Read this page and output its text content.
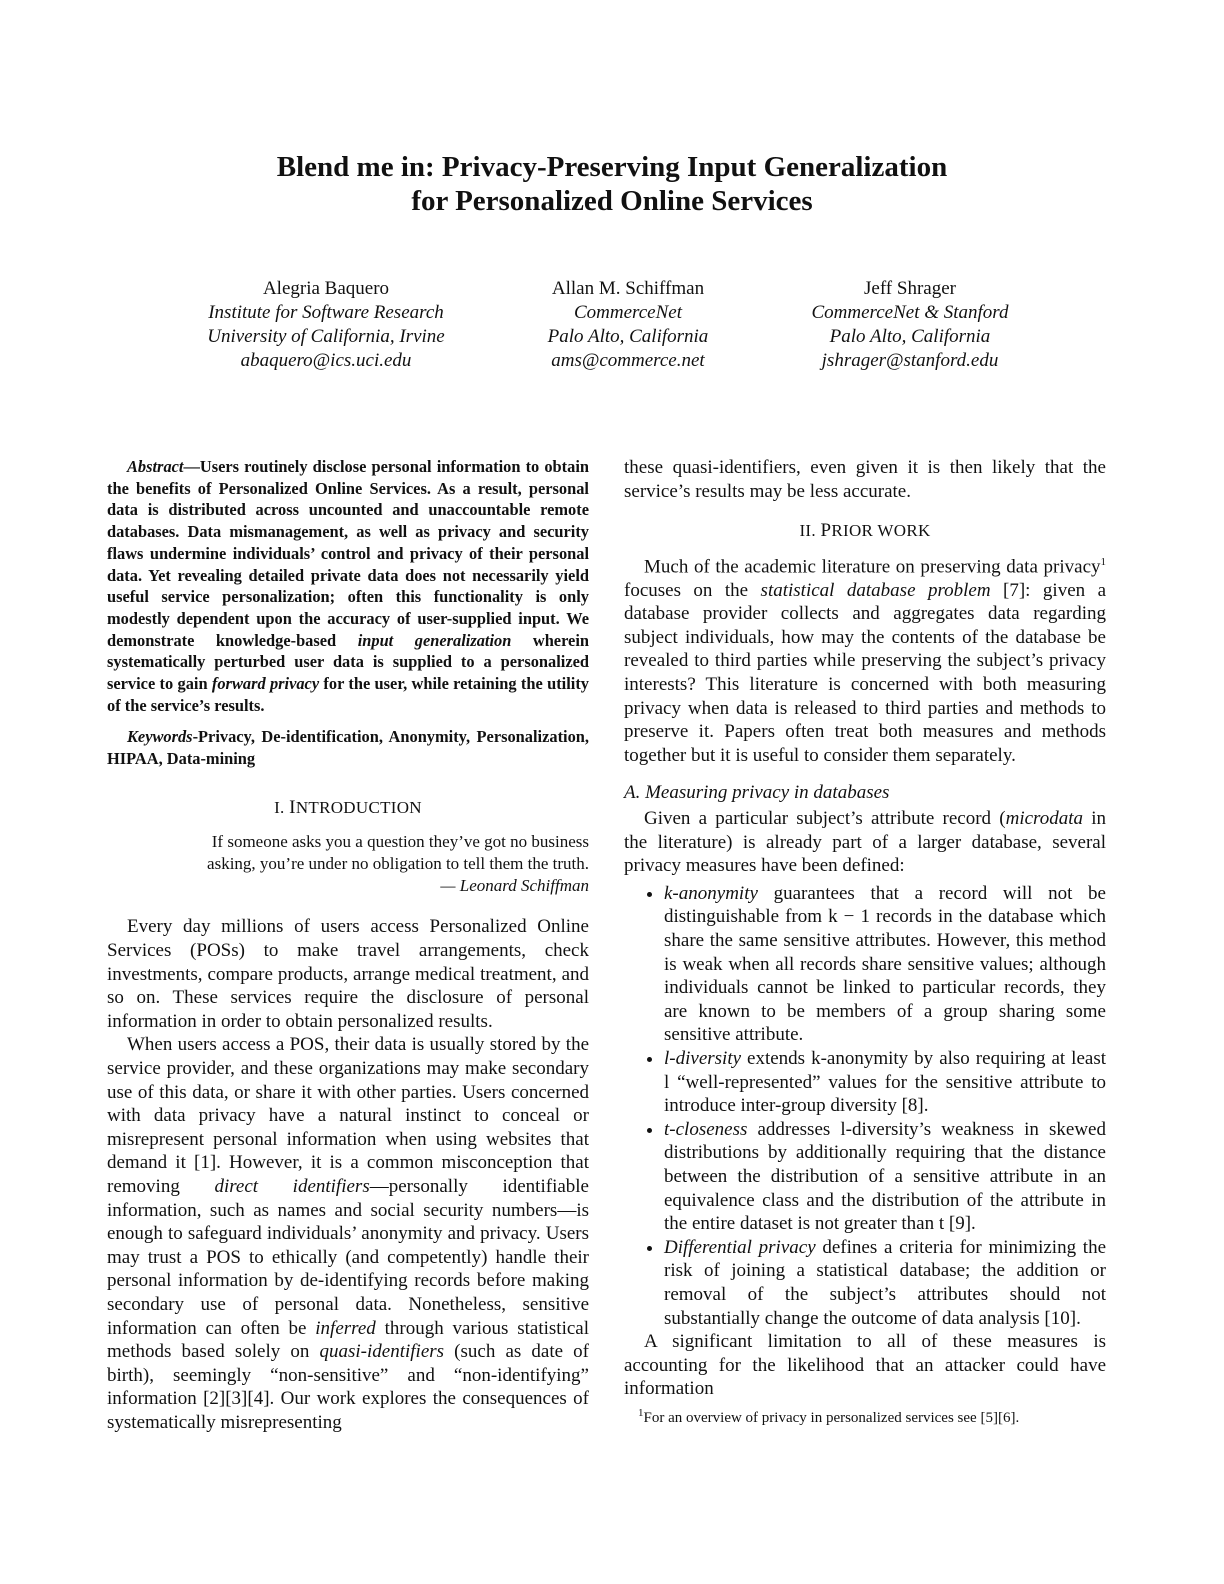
Blend me in: Privacy-Preserving Input Generalization
for Personalized Online Services
Alegria Baquero
Institute for Software Research
University of California, Irvine
abaquero@ics.uci.edu
Allan M. Schiffman
CommerceNet
Palo Alto, California
ams@commerce.net
Jeff Shrager
CommerceNet & Stanford
Palo Alto, California
jshrager@stanford.edu

Abstract—Users routinely disclose personal information to obtain the benefits of Personalized Online Services. As a result, personal data is distributed across uncounted and unaccountable remote databases. Data mismanagement, as well as privacy and security flaws undermine individuals’ control and privacy of their personal data. Yet revealing detailed private data does not necessarily yield useful service personalization; often this functionality is only modestly dependent upon the accuracy of user-supplied input. We demonstrate knowledge-based input generalization wherein systematically perturbed user data is supplied to a personalized service to gain forward privacy for the user, while retaining the utility of the service’s results.

Keywords-Privacy, De-identification, Anonymity, Personalization, HIPAA, Data-mining

I. INTRODUCTION
If someone asks you a question they’ve got no business
asking, you’re under no obligation to tell them the truth.
— Leonard Schiffman

Every day millions of users access Personalized Online Services (POSs) to make travel arrangements, check investments, compare products, arrange medical treatment, and so on. These services require the disclosure of personal information in order to obtain personalized results.

When users access a POS, their data is usually stored by the service provider, and these organizations may make secondary use of this data, or share it with other parties. Users concerned with data privacy have a natural instinct to conceal or misrepresent personal information when using websites that demand it [1]. However, it is a common misconception that removing direct identifiers—personally identifiable information, such as names and social security numbers—is enough to safeguard individuals’ anonymity and privacy. Users may trust a POS to ethically (and competently) handle their personal information by de-identifying records before making secondary use of personal data. Nonetheless, sensitive information can often be inferred through various statistical methods based solely on quasi-identifiers (such as date of birth), seemingly “non-sensitive” and “non-identifying” information [2][3][4]. Our work explores the consequences of systematically misrepresenting

these quasi-identifiers, even given it is then likely that the service’s results may be less accurate.

II. PRIOR WORK

Much of the academic literature on preserving data privacy$^1$ focuses on the statistical database problem [7]: given a database provider collects and aggregates data regarding subject individuals, how may the contents of the database be revealed to third parties while preserving the subject’s privacy interests? This literature is concerned with both measuring privacy when data is released to third parties and methods to preserve it. Papers often treat both measures and methods together but it is useful to consider them separately.

A. Measuring privacy in databases

Given a particular subject’s attribute record (microdata in the literature) is already part of a larger database, several privacy measures have been defined:

• k-anonymity guarantees that a record will not be distinguishable from k − 1 records in the database which share the same sensitive attributes. However, this method is weak when all records share sensitive values; although individuals cannot be linked to particular records, they are known to be members of a group sharing some sensitive attribute.
• l-diversity extends k-anonymity by also requiring at least l “well-represented” values for the sensitive attribute to introduce inter-group diversity [8].
• t-closeness addresses l-diversity’s weakness in skewed distributions by additionally requiring that the distance between the distribution of a sensitive attribute in an equivalence class and the distribution of the attribute in the entire dataset is not greater than t [9].
• Differential privacy defines a criteria for minimizing the risk of joining a statistical database; the addition or removal of the subject’s attributes should not substantially change the outcome of data analysis [10].

A significant limitation to all of these measures is accounting for the likelihood that an attacker could have information

$^1$For an overview of privacy in personalized services see [5][6].
